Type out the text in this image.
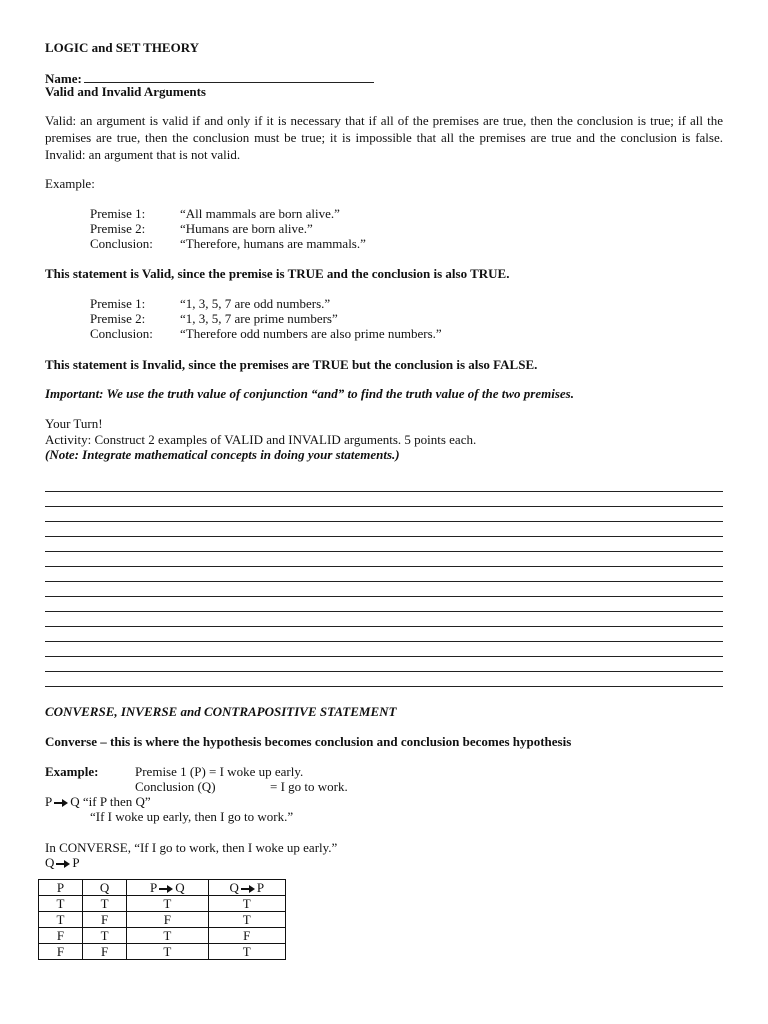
LOGIC and SET THEORY
Name:
Valid and Invalid Arguments
Valid: an argument is valid if and only if it is necessary that if all of the premises are true, then the conclusion is true; if all the premises are true, then the conclusion must be true; it is impossible that all the premises are true and the conclusion is false. Invalid: an argument that is not valid.
Example:
Premise 1:	“All mammals are born alive.”
Premise 2:	“Humans are born alive.”
Conclusion: “Therefore, humans are mammals.”
This statement is Valid, since the premise is TRUE and the conclusion is also TRUE.
Premise 1:	“1, 3, 5, 7 are odd numbers.”
Premise 2:	“1, 3, 5, 7 are prime numbers”
Conclusion: “Therefore odd numbers are also prime numbers.”
This statement is Invalid, since the premises are TRUE but the conclusion is also FALSE.
Important: We use the truth value of conjunction “and” to find the truth value of the two premises.
Your Turn!
Activity: Construct 2 examples of VALID and INVALID arguments. 5 points each.
(Note: Integrate mathematical concepts in doing your statements.)
CONVERSE, INVERSE and CONTRAPOSITIVE STATEMENT
Converse – this is where the hypothesis becomes conclusion and conclusion becomes hypothesis
Example:	Premise 1 (P) = I woke up early.
Conclusion (Q)	= I go to work.
P Q “if P then Q”
“If I woke up early, then I go to work.”
In CONVERSE, “If I go to work, then I woke up early.”
Q P
P	Q	P Q	Q P
T	T	T	T
T	F	F	T
F	T	T	F
F	F	T	T
